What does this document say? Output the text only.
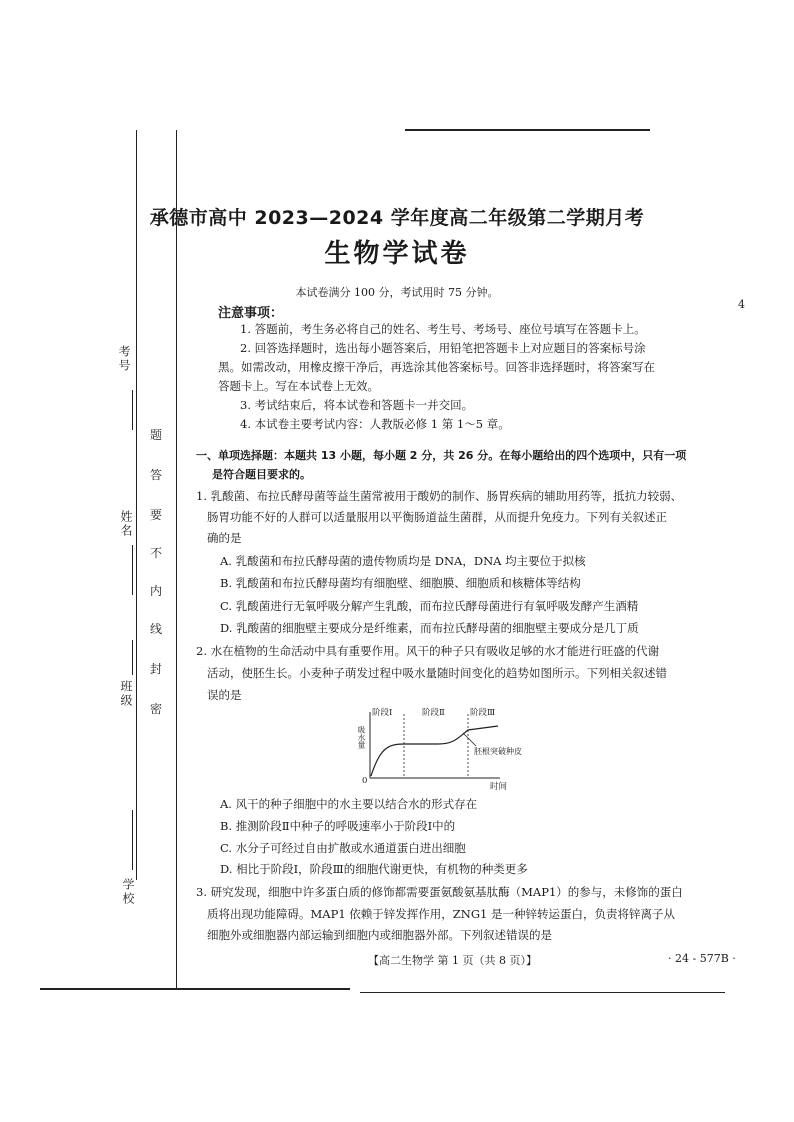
考号
姓名
班级
学校
题
答
要
不
内
线
封
密
4
承德市高中 2023—2024 学年度高二年级第二学期月考
生物学试卷
本试卷满分 100 分，考试用时 75 分钟。
注意事项：
1. 答题前，考生务必将自己的姓名、考生号、考场号、座位号填写在答题卡上。
2. 回答选择题时，选出每小题答案后，用铅笔把答题卡上对应题目的答案标号涂
黑。如需改动，用橡皮擦干净后，再选涂其他答案标号。回答非选择题时，将答案写在
答题卡上。写在本试卷上无效。
3. 考试结束后，将本试卷和答题卡一并交回。
4. 本试卷主要考试内容：人教版必修 1 第 1～5 章。
一、单项选择题：本题共 13 小题，每小题 2 分，共 26 分。在每小题给出的四个选项中，只有一项
是符合题目要求的。
1. 乳酸菌、布拉氏酵母菌等益生菌常被用于酸奶的制作、肠胃疾病的辅助用药等，抵抗力较弱、
肠胃功能不好的人群可以适量服用以平衡肠道益生菌群，从而提升免疫力。下列有关叙述正
确的是
A. 乳酸菌和布拉氏酵母菌的遗传物质均是 DNA，DNA 均主要位于拟核
B. 乳酸菌和布拉氏酵母菌均有细胞壁、细胞膜、细胞质和核糖体等结构
C. 乳酸菌进行无氧呼吸分解产生乳酸，而布拉氏酵母菌进行有氧呼吸发酵产生酒精
D. 乳酸菌的细胞壁主要成分是纤维素，而布拉氏酵母菌的细胞壁主要成分是几丁质
2. 水在植物的生命活动中具有重要作用。风干的种子只有吸收足够的水才能进行旺盛的代谢
活动，使胚生长。小麦种子萌发过程中吸水量随时间变化的趋势如图所示。下列相关叙述错
误的是
阶段Ⅰ	阶段Ⅱ	阶段Ⅲ
吸水量
0
时间
胚根突破种皮
A. 风干的种子细胞中的水主要以结合水的形式存在
B. 推测阶段Ⅱ中种子的呼吸速率小于阶段Ⅰ中的
C. 水分子可经过自由扩散或水通道蛋白进出细胞
D. 相比于阶段Ⅰ，阶段Ⅲ的细胞代谢更快，有机物的种类更多
3. 研究发现，细胞中许多蛋白质的修饰都需要蛋氨酸氨基肽酶（MAP1）的参与，未修饰的蛋白
质将出现功能障碍。MAP1 依赖于锌发挥作用，ZNG1 是一种锌转运蛋白，负责将锌离子从
细胞外或细胞器内部运输到细胞内或细胞器外部。下列叙述错误的是
【高二生物学 第 1 页（共 8 页）】	· 24 - 577B ·
